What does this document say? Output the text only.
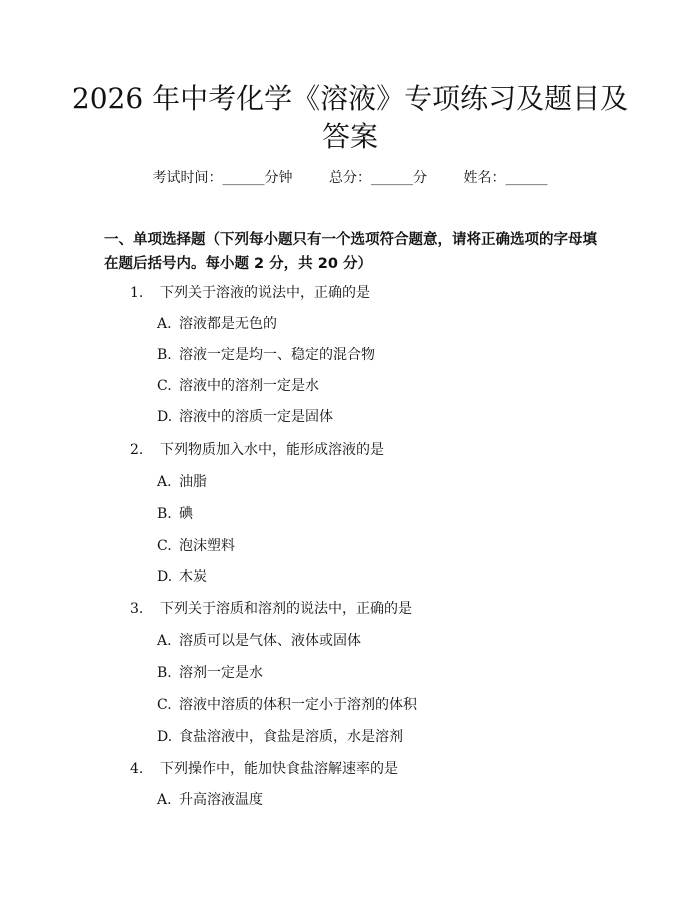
2026 年中考化学《溶液》专项练习及题目及答案
考试时间：______分钟	总分：______分	姓名：______
一、单项选择题（下列每小题只有一个选项符合题意，请将正确选项的字母填在题后括号内。每小题 2 分，共 20 分）
1. 下列关于溶液的说法中，正确的是
A. 溶液都是无色的
B. 溶液一定是均一、稳定的混合物
C. 溶液中的溶剂一定是水
D. 溶液中的溶质一定是固体
2. 下列物质加入水中，能形成溶液的是
A. 油脂
B. 碘
C. 泡沫塑料
D. 木炭
3. 下列关于溶质和溶剂的说法中，正确的是
A. 溶质可以是气体、液体或固体
B. 溶剂一定是水
C. 溶液中溶质的体积一定小于溶剂的体积
D. 食盐溶液中，食盐是溶质，水是溶剂
4. 下列操作中，能加快食盐溶解速率的是
A. 升高溶液温度
